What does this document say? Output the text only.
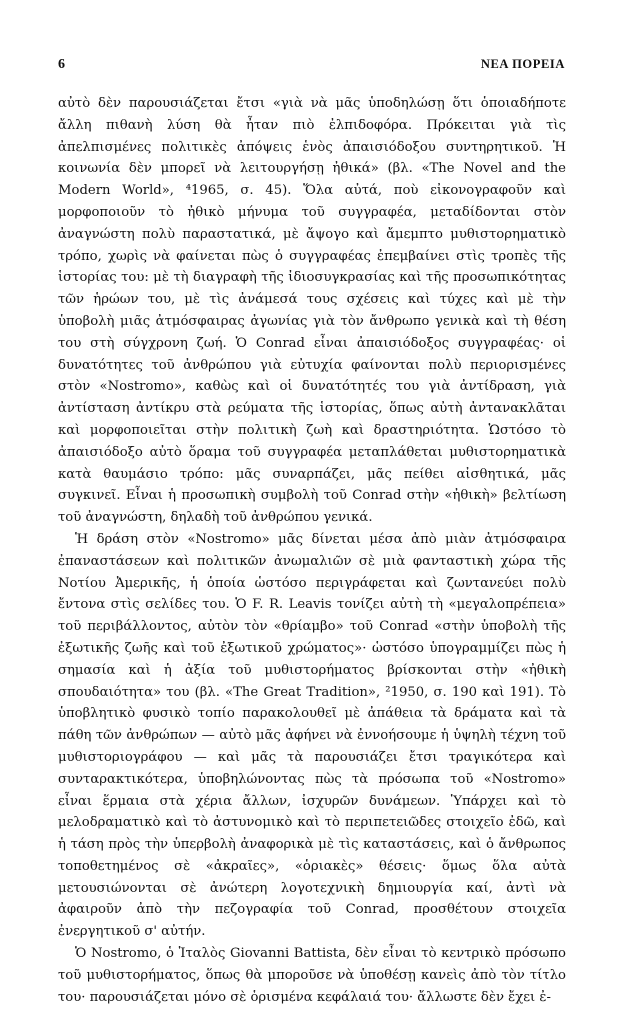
6	ΝΕΑ ΠΟΡΕΙΑ

αὐτὸ δὲν παρουσιάζεται ἔτσι «γιὰ νὰ μᾶς ὑποδηλώσῃ ὅτι ὁποιαδήποτε ἄλλη πιθανὴ λύση θὰ ἦταν πιὸ ἐλπιδοφόρα. Πρόκειται γιὰ τὶς ἀπελπισμένες πολιτικὲς ἀπόψεις ἑνὸς ἀπαισιόδοξου συντηρητικοῦ. Ἡ κοινωνία δὲν μπορεῖ νὰ λειτουργήσῃ ἠθικά» (βλ. «The Novel and the Modern World», ⁴1965, σ. 45). Ὅλα αὐτά, ποὺ εἰκονογραφοῦν καὶ μορφοποιοῦν τὸ ἠθικὸ μήνυμα τοῦ συγγραφέα, μεταδίδονται στὸν ἀναγνώστη πολὺ παραστατικά, μὲ ἄψογο καὶ ἄμεμπτο μυθιστορηματικὸ τρόπο, χωρὶς νὰ φαίνεται πὼς ὁ συγγραφέας ἐπεμβαίνει στὶς τροπὲς τῆς ἱστορίας του: μὲ τὴ διαγραφὴ τῆς ἰδιοσυγκρασίας καὶ τῆς προσωπικότητας τῶν ἡρώων του, μὲ τὶς ἀνάμεσά τους σχέσεις καὶ τύχες καὶ μὲ τὴν ὑποβολὴ μιᾶς ἀτμόσφαιρας ἀγωνίας γιὰ τὸν ἄνθρωπο γενικὰ καὶ τὴ θέση του στὴ σύγχρονη ζωή. Ὁ Conrad εἶναι ἀπαισιόδοξος συγγραφέας· οἱ δυνατότητες τοῦ ἀνθρώπου γιὰ εὐτυχία φαίνονται πολὺ περιορισμένες στὸν «Nostromo», καθὼς καὶ οἱ δυνατότητές του γιὰ ἀντίδραση, γιὰ ἀντίσταση ἀντίκρυ στὰ ρεύματα τῆς ἱστορίας, ὅπως αὐτὴ ἀντανακλᾶται καὶ μορφοποιεῖται στὴν πολιτικὴ ζωὴ καὶ δραστηριότητα. Ὡστόσο τὸ ἀπαισιόδοξο αὐτὸ ὅραμα τοῦ συγγραφέα μεταπλάθεται μυθιστορηματικὰ κατὰ θαυμάσιο τρόπο: μᾶς συναρπάζει, μᾶς πείθει αἰσθητικά, μᾶς συγκινεῖ. Εἶναι ἡ προσωπικὴ συμβολὴ τοῦ Conrad στὴν «ἠθικὴ» βελτίωση τοῦ ἀναγνώστη, δηλαδὴ τοῦ ἀνθρώπου γενικά.

Ἡ δράση στὸν «Nostromo» μᾶς δίνεται μέσα ἀπὸ μιὰν ἀτμόσφαιρα ἐπαναστάσεων καὶ πολιτικῶν ἀνωμαλιῶν σὲ μιὰ φανταστικὴ χώρα τῆς Νοτίου Ἀμερικῆς, ἡ ὁποία ὡστόσο περιγράφεται καὶ ζωντανεύει πολὺ ἔντονα στὶς σελίδες του. Ὁ F. R. Leavis τονίζει αὐτὴ τὴ «μεγαλοπρέπεια» τοῦ περιβάλλοντος, αὐτὸν τὸν «θρίαμβο» τοῦ Conrad «στὴν ὑποβολὴ τῆς ἐξωτικῆς ζωῆς καὶ τοῦ ἐξωτικοῦ χρώματος»· ὡστόσο ὑπογραμμίζει πὼς ἡ σημασία καὶ ἡ ἀξία τοῦ μυθιστορήματος βρίσκονται στὴν «ἠθικὴ σπουδαιότητα» του (βλ. «The Great Tradition», ²1950, σ. 190 καὶ 191). Τὸ ὑποβλητικὸ φυσικὸ τοπίο παρακολουθεῖ μὲ ἀπάθεια τὰ δράματα καὶ τὰ πάθη τῶν ἀνθρώπων — αὐτὸ μᾶς ἀφήνει νὰ ἐννοήσουμε ἡ ὑψηλὴ τέχνη τοῦ μυθιστοριογράφου — καὶ μᾶς τὰ παρουσιάζει ἔτσι τραγικότερα καὶ συνταρακτικότερα, ὑποβηλώνοντας πὼς τὰ πρόσωπα τοῦ «Nostromo» εἶναι ἕρμαια στὰ χέρια ἄλλων, ἰσχυρῶν δυνάμεων. Ὑπάρχει καὶ τὸ μελοδραματικὸ καὶ τὸ ἀστυνομικὸ καὶ τὸ περιπετειῶδες στοιχεῖο ἐδῶ, καὶ ἡ τάση πρὸς τὴν ὑπερβολὴ ἀναφορικὰ μὲ τὶς καταστάσεις, καὶ ὁ ἄνθρωπος τοποθετημένος σὲ «ἀκραῖες», «ὁριακὲς» θέσεις· ὅμως ὅλα αὐτὰ μετουσιώνονται σὲ ἀνώτερη λογοτεχνικὴ δημιουργία καί, ἀντὶ νὰ ἀφαιροῦν ἀπὸ τὴν πεζογραφία τοῦ Conrad, προσθέτουν στοιχεῖα ἐνεργητικοῦ σ' αὐτήν.

Ὁ Nostromo, ὁ Ἰταλὸς Giovanni Battista, δὲν εἶναι τὸ κεντρικὸ πρόσωπο τοῦ μυθιστορήματος, ὅπως θὰ μποροῦσε νὰ ὑποθέσῃ κανεὶς ἀπὸ τὸν τίτλο του· παρουσιάζεται μόνο σὲ ὁρισμένα κεφάλαιά του· ἄλλωστε δὲν ἔχει ἐ-
